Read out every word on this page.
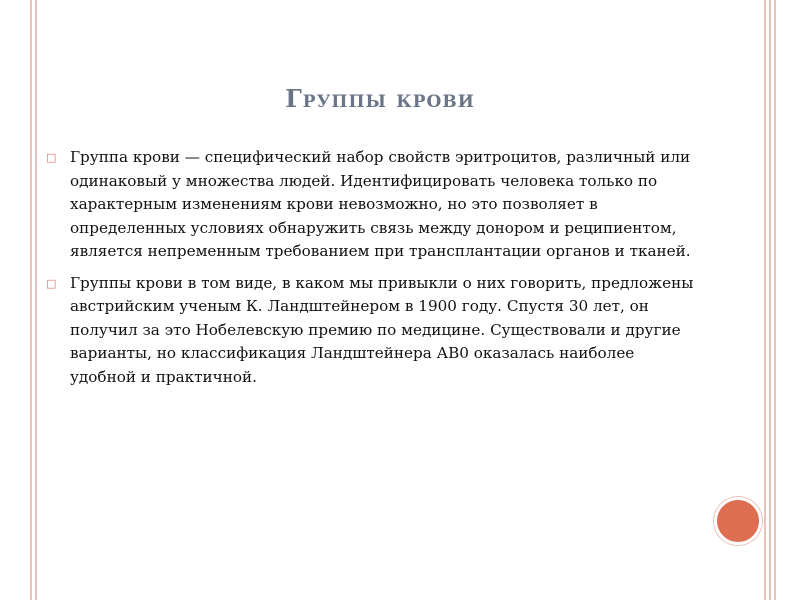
Группы крови
□ Группа крови — специфический набор свойств эритроцитов, различный или одинаковый у множества людей. Идентифицировать человека только по характерным изменениям крови невозможно, но это позволяет в определенных условиях обнаружить связь между донором и реципиентом, является непременным требованием при трансплантации органов и тканей.

□ Группы крови в том виде, в каком мы привыкли о них говорить, предложены австрийским ученым К. Ландштейнером в 1900 году. Спустя 30 лет, он получил за это Нобелевскую премию по медицине. Существовали и другие варианты, но классификация Ландштейнера АВ0 оказалась наиболее удобной и практичной.
